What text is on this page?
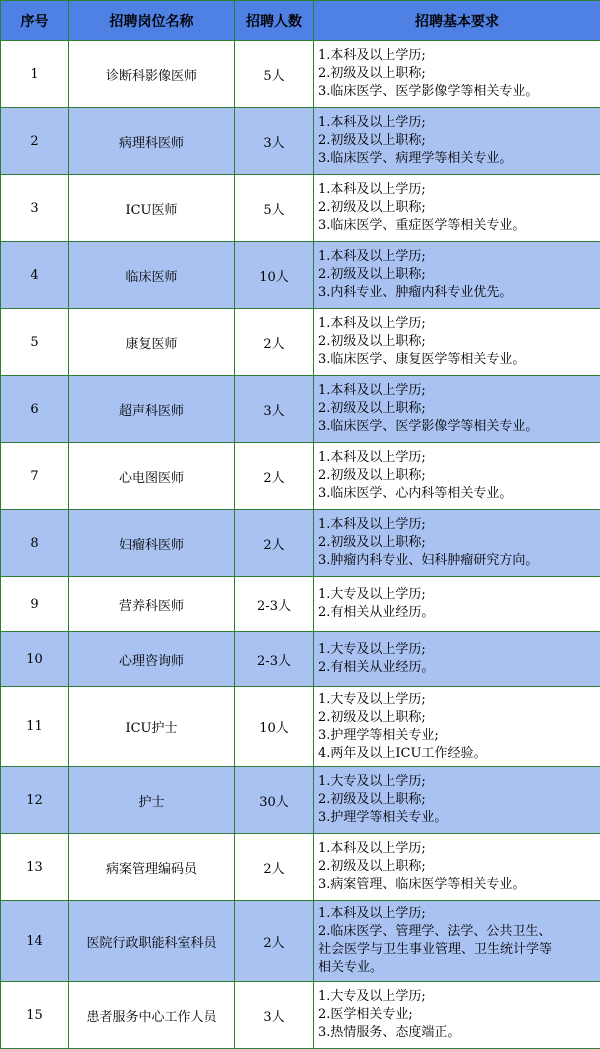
序号	招聘岗位名称	招聘人数	招聘基本要求
1	诊断科影像医师	5人	1.本科及以上学历;
2.初级及以上职称;
3.临床医学、医学影像学等相关专业。

2	病理科医师	3人	1.本科及以上学历;
2.初级及以上职称;
3.临床医学、病理学等相关专业。

3	ICU医师	5人	1.本科及以上学历;
2.初级及以上职称;
3.临床医学、重症医学等相关专业。

4	临床医师	10人	1.本科及以上学历;
2.初级及以上职称;
3.内科专业、肿瘤内科专业优先。

5	康复医师	2人	1.本科及以上学历;
2.初级及以上职称;
3.临床医学、康复医学等相关专业。

6	超声科医师	3人	1.本科及以上学历;
2.初级及以上职称;
3.临床医学、医学影像学等相关专业。

7	心电图医师	2人	1.本科及以上学历;
2.初级及以上职称;
3.临床医学、心内科等相关专业。

8	妇瘤科医师	2人	1.本科及以上学历;
2.初级及以上职称;
3.肿瘤内科专业、妇科肿瘤研究方向。

9	营养科医师	2-3人	1.大专及以上学历;
2.有相关从业经历。

10	心理咨询师	2-3人	1.大专及以上学历;
2.有相关从业经历。

11	ICU护士	10人	1.大专及以上学历;
2.初级及以上职称;
3.护理学等相关专业;
4.两年及以上ICU工作经验。

12	护士	30人	1.大专及以上学历;
2.初级及以上职称;
3.护理学等相关专业。

13	病案管理编码员	2人	1.本科及以上学历;
2.初级及以上职称;
3.病案管理、临床医学等相关专业。

14	医院行政职能科室科员	2人	1.本科及以上学历;
2.临床医学、管理学、法学、公共卫生、
社会医学与卫生事业管理、卫生统计学等
相关专业。

15	患者服务中心工作人员	3人	1.大专及以上学历;
2.医学相关专业;
3.热情服务、态度端正。
